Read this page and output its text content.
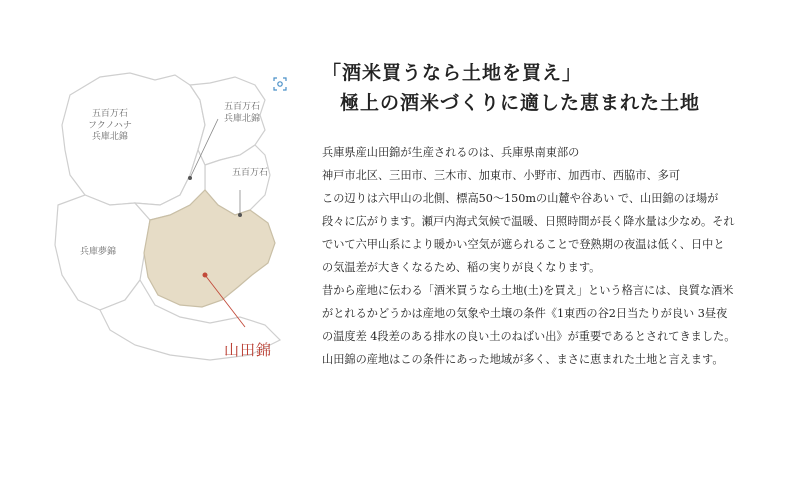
五百万石
フクノハナ
兵庫北錦
五百万石
兵庫北錦
五百万石
兵庫夢錦
山田錦
「酒米買うなら土地を買え」
極上の酒米づくりに適した恵まれた土地

兵庫県産山田錦が生産されるのは、兵庫県南東部の

神戸市北区、三田市、三木市、加東市、小野市、加西市、西脇市、多可

この辺りは六甲山の北側、標高50～150mの山麓や谷あい で、山田錦のほ場が

段々に広がります。瀬戸内海式気候で温暖、日照時間が長く降水量は少なめ。それ

でいて六甲山系により暖かい空気が遮られることで登熟期の夜温は低く、日中と

の気温差が大きくなるため、稲の実りが良くなります。

昔から産地に伝わる「酒米買うなら土地(土)を買え」という格言には、良質な酒米

がとれるかどうかは産地の気象や土壌の条件《1東西の谷2日当たりが良い 3昼夜

の温度差 4段差のある排水の良い土のねばい出》が重要であるとされてきました。

山田錦の産地はこの条件にあった地域が多く、まさに恵まれた土地と言えます。
